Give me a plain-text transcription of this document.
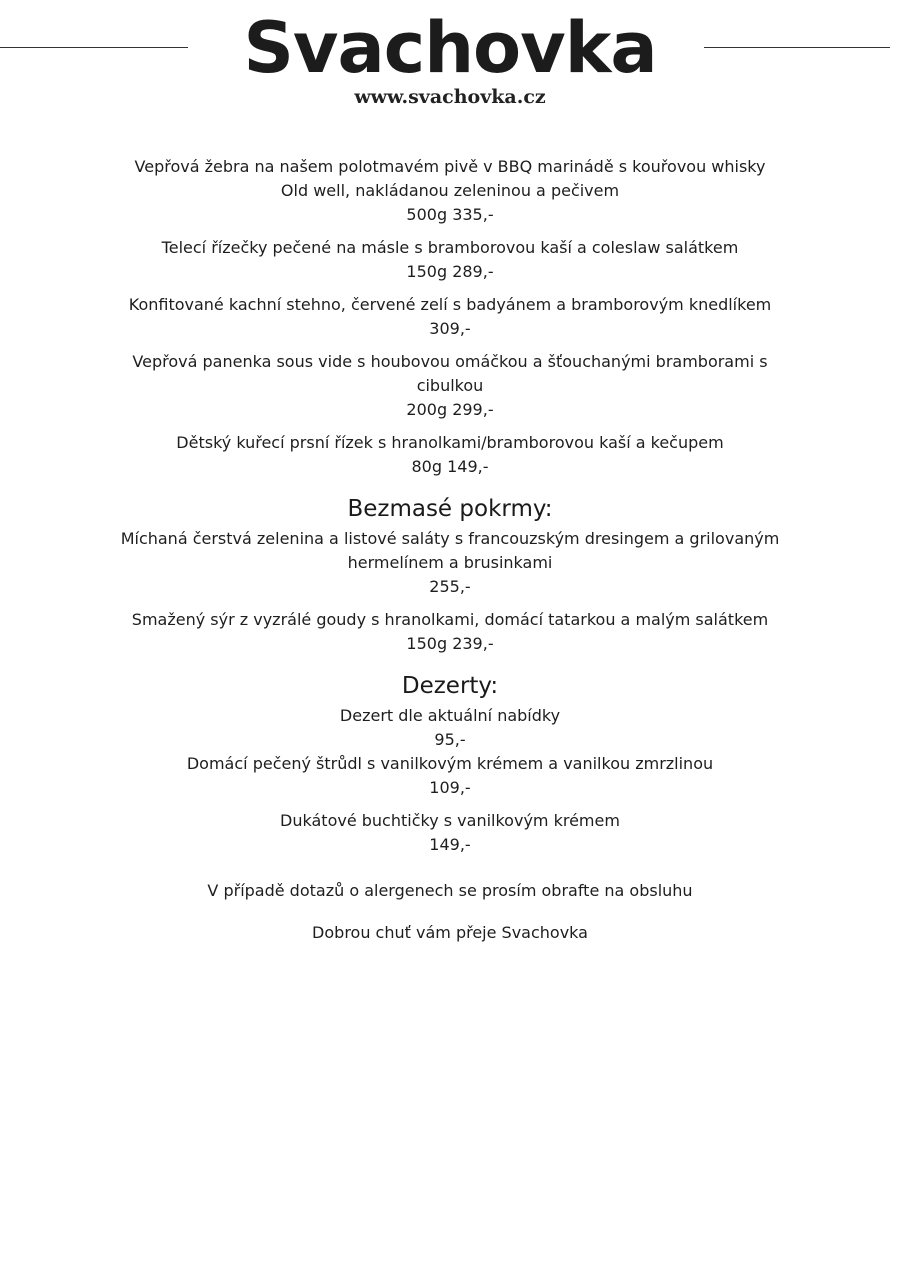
Svachovka
www.svachovka.cz
Vepřová žebra na našem polotmavém pivě v BBQ marinádě s kouřovou whisky Old well, nakládanou zeleninou a pečivem
500g 335,-
Telecí řízečky pečené na másle s bramborovou kaší a coleslaw salátkem
150g 289,-
Konfitované kachní stehno, červené zelí s badyánem a bramborovým knedlíkem
309,-
Vepřová panenka sous vide s houbovou omáčkou a šťouchanými bramborami s cibulkou
200g 299,-
Dětský kuřecí prsní řízek s hranolkami/bramborovou kaší a kečupem
80g 149,-
Bezmasé pokrmy:
Míchaná čerstvá zelenina a listové saláty s francouzským dresingem a grilovaným hermelínem a brusinkami
255,-
Smažený sýr z vyzrálé goudy s hranolkami, domácí tatarkou a malým salátkem
150g 239,-
Dezerty:
Dezert dle aktuální nabídky
95,-
Domácí pečený štrůdl s vanilkovým krémem a vanilkou zmrzlinou
109,-
Dukátové buchtičky s vanilkovým krémem
149,-
V případě dotazů o alergenech se prosím obrafte na obsluhu
Dobrou chuť vám přeje Svachovka
